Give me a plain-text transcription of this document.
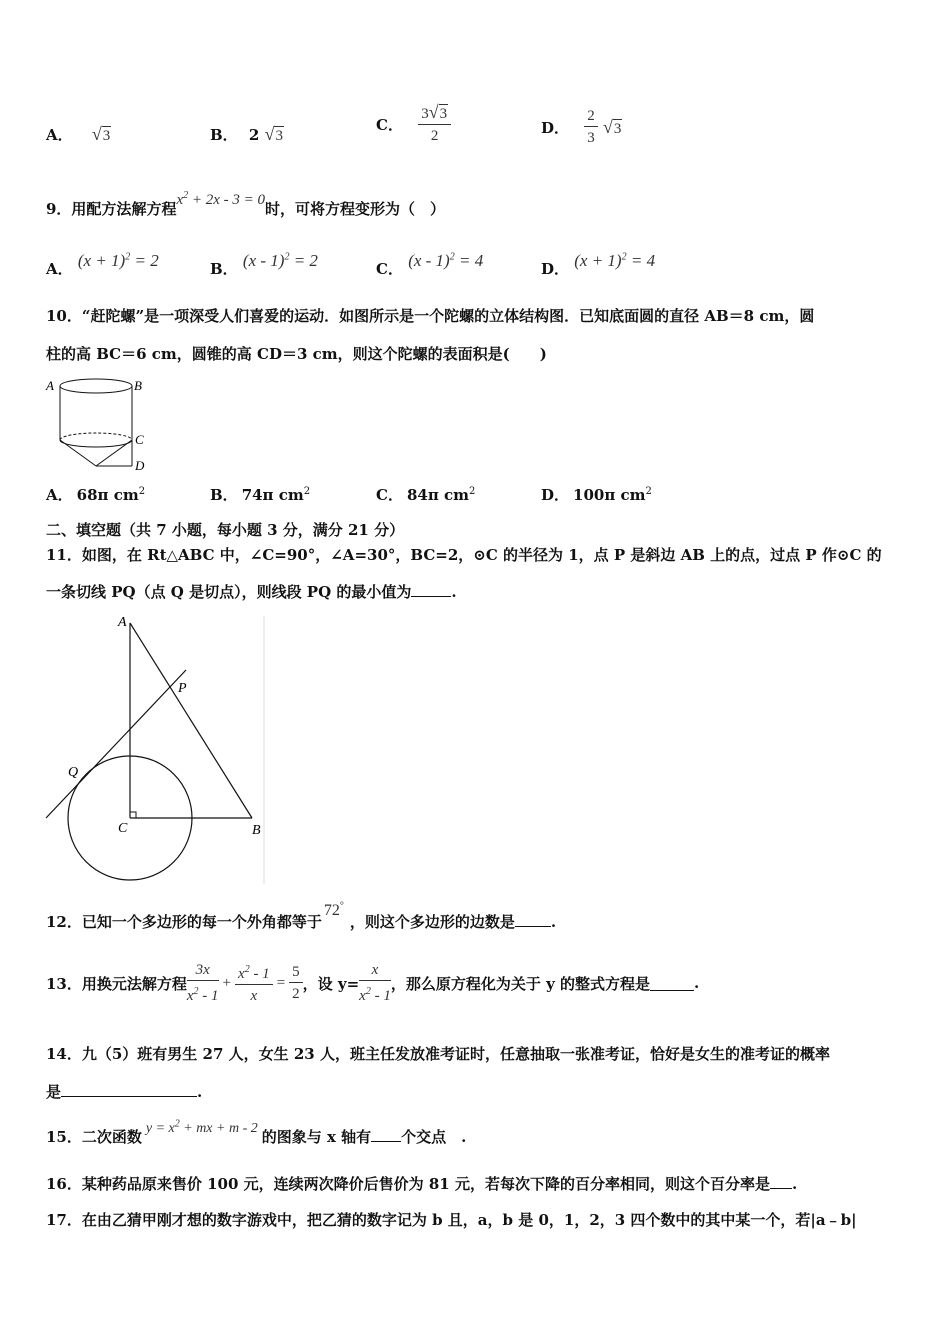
A． √3	B． 2 √3
C． $\frac{3√3}{2}$	D． $\frac{2}{3} √3$
9．用配方法解方程$x^2 + 2x - 3 = 0$时，可将方程变形为（　）
A． $(x + 1)^2 = 2$	B． (x - 1)$^2$ = 2	C． (x - 1)$^2$ = 4	D． $(x + 1)^2 = 4$
10．“赶陀螺”是一项深受人们喜爱的运动．如图所示是一个陀螺的立体结构图．已知底面圆的直径 AB＝8 cm，圆
柱的高 BC＝6 cm，圆锥的高 CD＝3 cm，则这个陀螺的表面积是(　　)
A	B
C
D
A． 68π $cm^2$	B． 74π $cm^2$	C． 84π $cm^2$	D． 100π $cm^2$
二、填空题（共 7 小题，每小题 3 分，满分 21 分）
11．如图，在 Rt△ABC 中，∠C=90°，∠A=30°，BC=2，⊙C 的半径为 1，点 P 是斜边 AB 上的点，过点 P 作⊙C 的
一条切线 PQ（点 Q 是切点），则线段 PQ 的最小值为	.
A
P
Q
C	B
12．已知一个多边形的每一个外角都等于72°，则这个多边形的边数是 .
13．用换元法解方程 $\frac{3x}{x^2 - 1} + \frac{x^2 - 1}{x} = \frac{5}{2}$ ，设 $y= \frac{x}{x^2 - 1}$ ，那么原方程化为关于 y 的整式方程是	.
14．九（5）班有男生 27 人，女生 23 人，班主任发放准考证时，任意抽取一张准考证，恰好是女生的准考证的概率
是	.
15．二次函数 $y = x^2$ + mx + m - 2 的图象与 x 轴有 个交点　.
16．某种药品原来售价 100 元，连续两次降价后售价为 81 元，若每次下降的百分率相同，则这个百分率是 .
17．在由乙猜甲刚才想的数字游戏中，把乙猜的数字记为 b 且，a，b 是 0，1，2，3 四个数中的其中某一个，若|a﹣b|
